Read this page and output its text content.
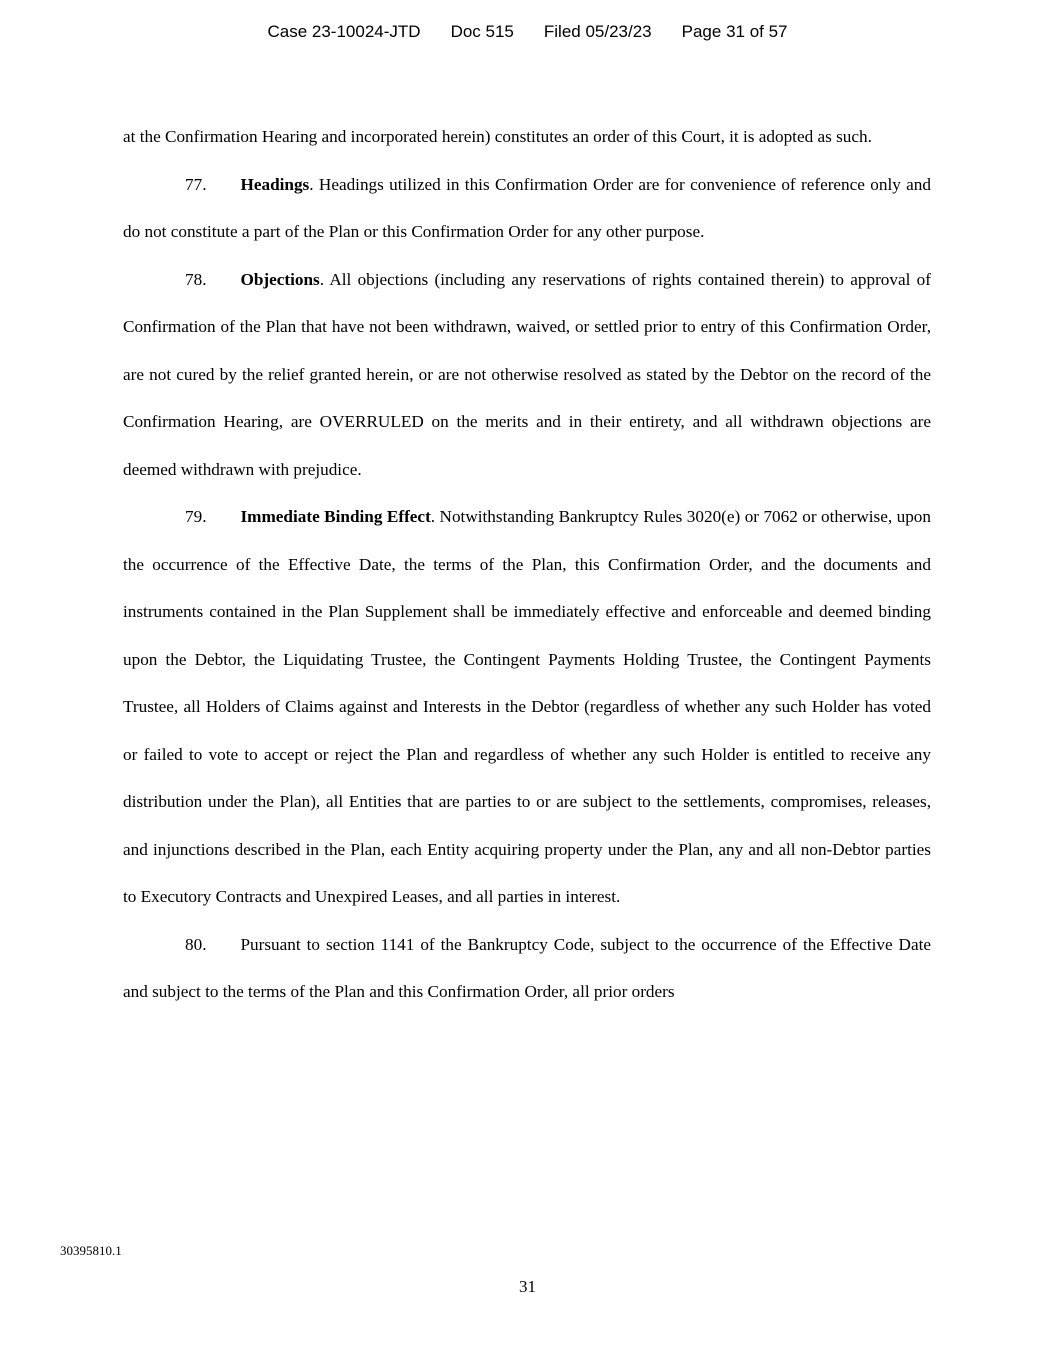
Case 23-10024-JTD Doc 515 Filed 05/23/23 Page 31 of 57

at the Confirmation Hearing and incorporated herein) constitutes an order of this Court, it is adopted as such.

77. Headings. Headings utilized in this Confirmation Order are for convenience of reference only and do not constitute a part of the Plan or this Confirmation Order for any other purpose.

78. Objections. All objections (including any reservations of rights contained therein) to approval of Confirmation of the Plan that have not been withdrawn, waived, or settled prior to entry of this Confirmation Order, are not cured by the relief granted herein, or are not otherwise resolved as stated by the Debtor on the record of the Confirmation Hearing, are OVERRULED on the merits and in their entirety, and all withdrawn objections are deemed withdrawn with prejudice.

79. Immediate Binding Effect. Notwithstanding Bankruptcy Rules 3020(e) or 7062 or otherwise, upon the occurrence of the Effective Date, the terms of the Plan, this Confirmation Order, and the documents and instruments contained in the Plan Supplement shall be immediately effective and enforceable and deemed binding upon the Debtor, the Liquidating Trustee, the Contingent Payments Holding Trustee, the Contingent Payments Trustee, all Holders of Claims against and Interests in the Debtor (regardless of whether any such Holder has voted or failed to vote to accept or reject the Plan and regardless of whether any such Holder is entitled to receive any distribution under the Plan), all Entities that are parties to or are subject to the settlements, compromises, releases, and injunctions described in the Plan, each Entity acquiring property under the Plan, any and all non-Debtor parties to Executory Contracts and Unexpired Leases, and all parties in interest.

80. Pursuant to section 1141 of the Bankruptcy Code, subject to the occurrence of the Effective Date and subject to the terms of the Plan and this Confirmation Order, all prior orders

30395810.1
31
